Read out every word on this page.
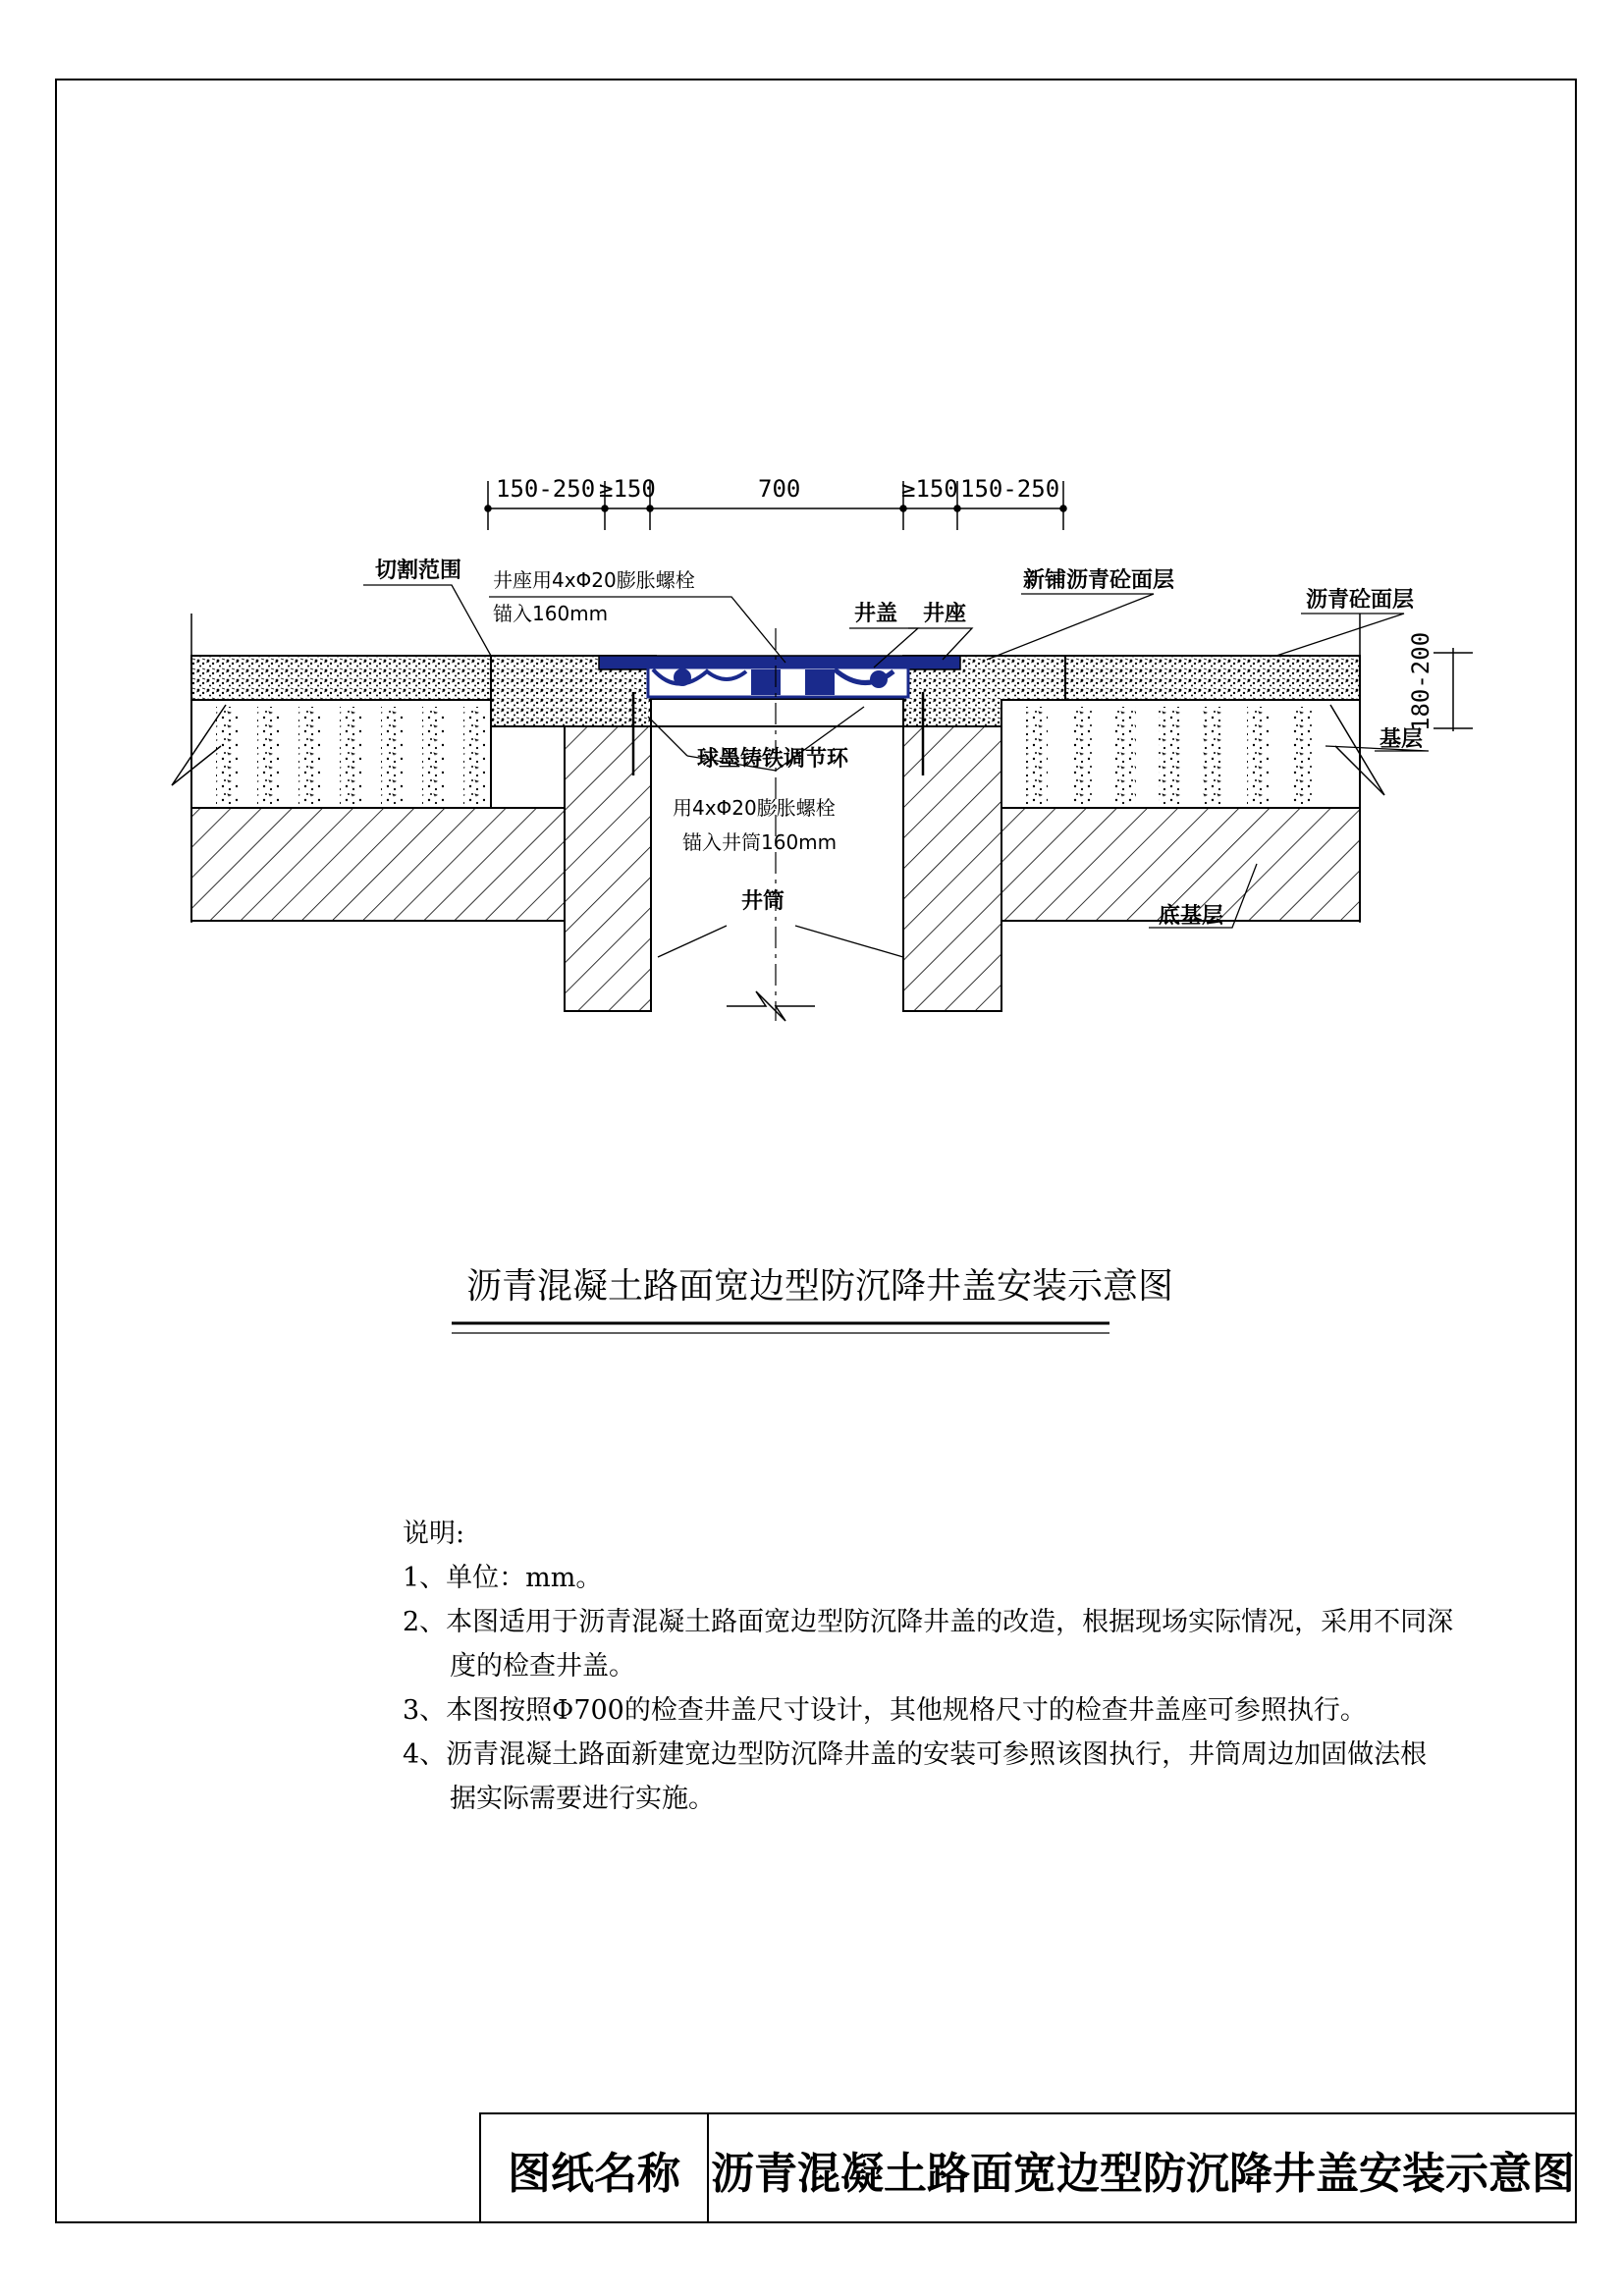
150-250 ≥150	700	≥150 150-250
180-200
切割范围 井座用4xΦ20膨胀螺栓
锚入160mm	井盖 井座
新铺沥青砼面层
沥青砼面层
基层
球墨铸铁调节环
用4xΦ20膨胀螺栓
锚入井筒160mm
井筒
底基层
沥青混凝土路面宽边型防沉降井盖安装示意图
说明:

1、单位：mm。

2、本图适用于沥青混凝土路面宽边型防沉降井盖的改造，根据现场实际情况，采用不同深

度的检查井盖。

3、本图按照Φ700的检查井盖尺寸设计，其他规格尺寸的检查井盖座可参照执行。

4、沥青混凝土路面新建宽边型防沉降井盖的安装可参照该图执行，井筒周边加固做法根

据实际需要进行实施。

图纸名称 沥青混凝土路面宽边型防沉降井盖安装示意图
